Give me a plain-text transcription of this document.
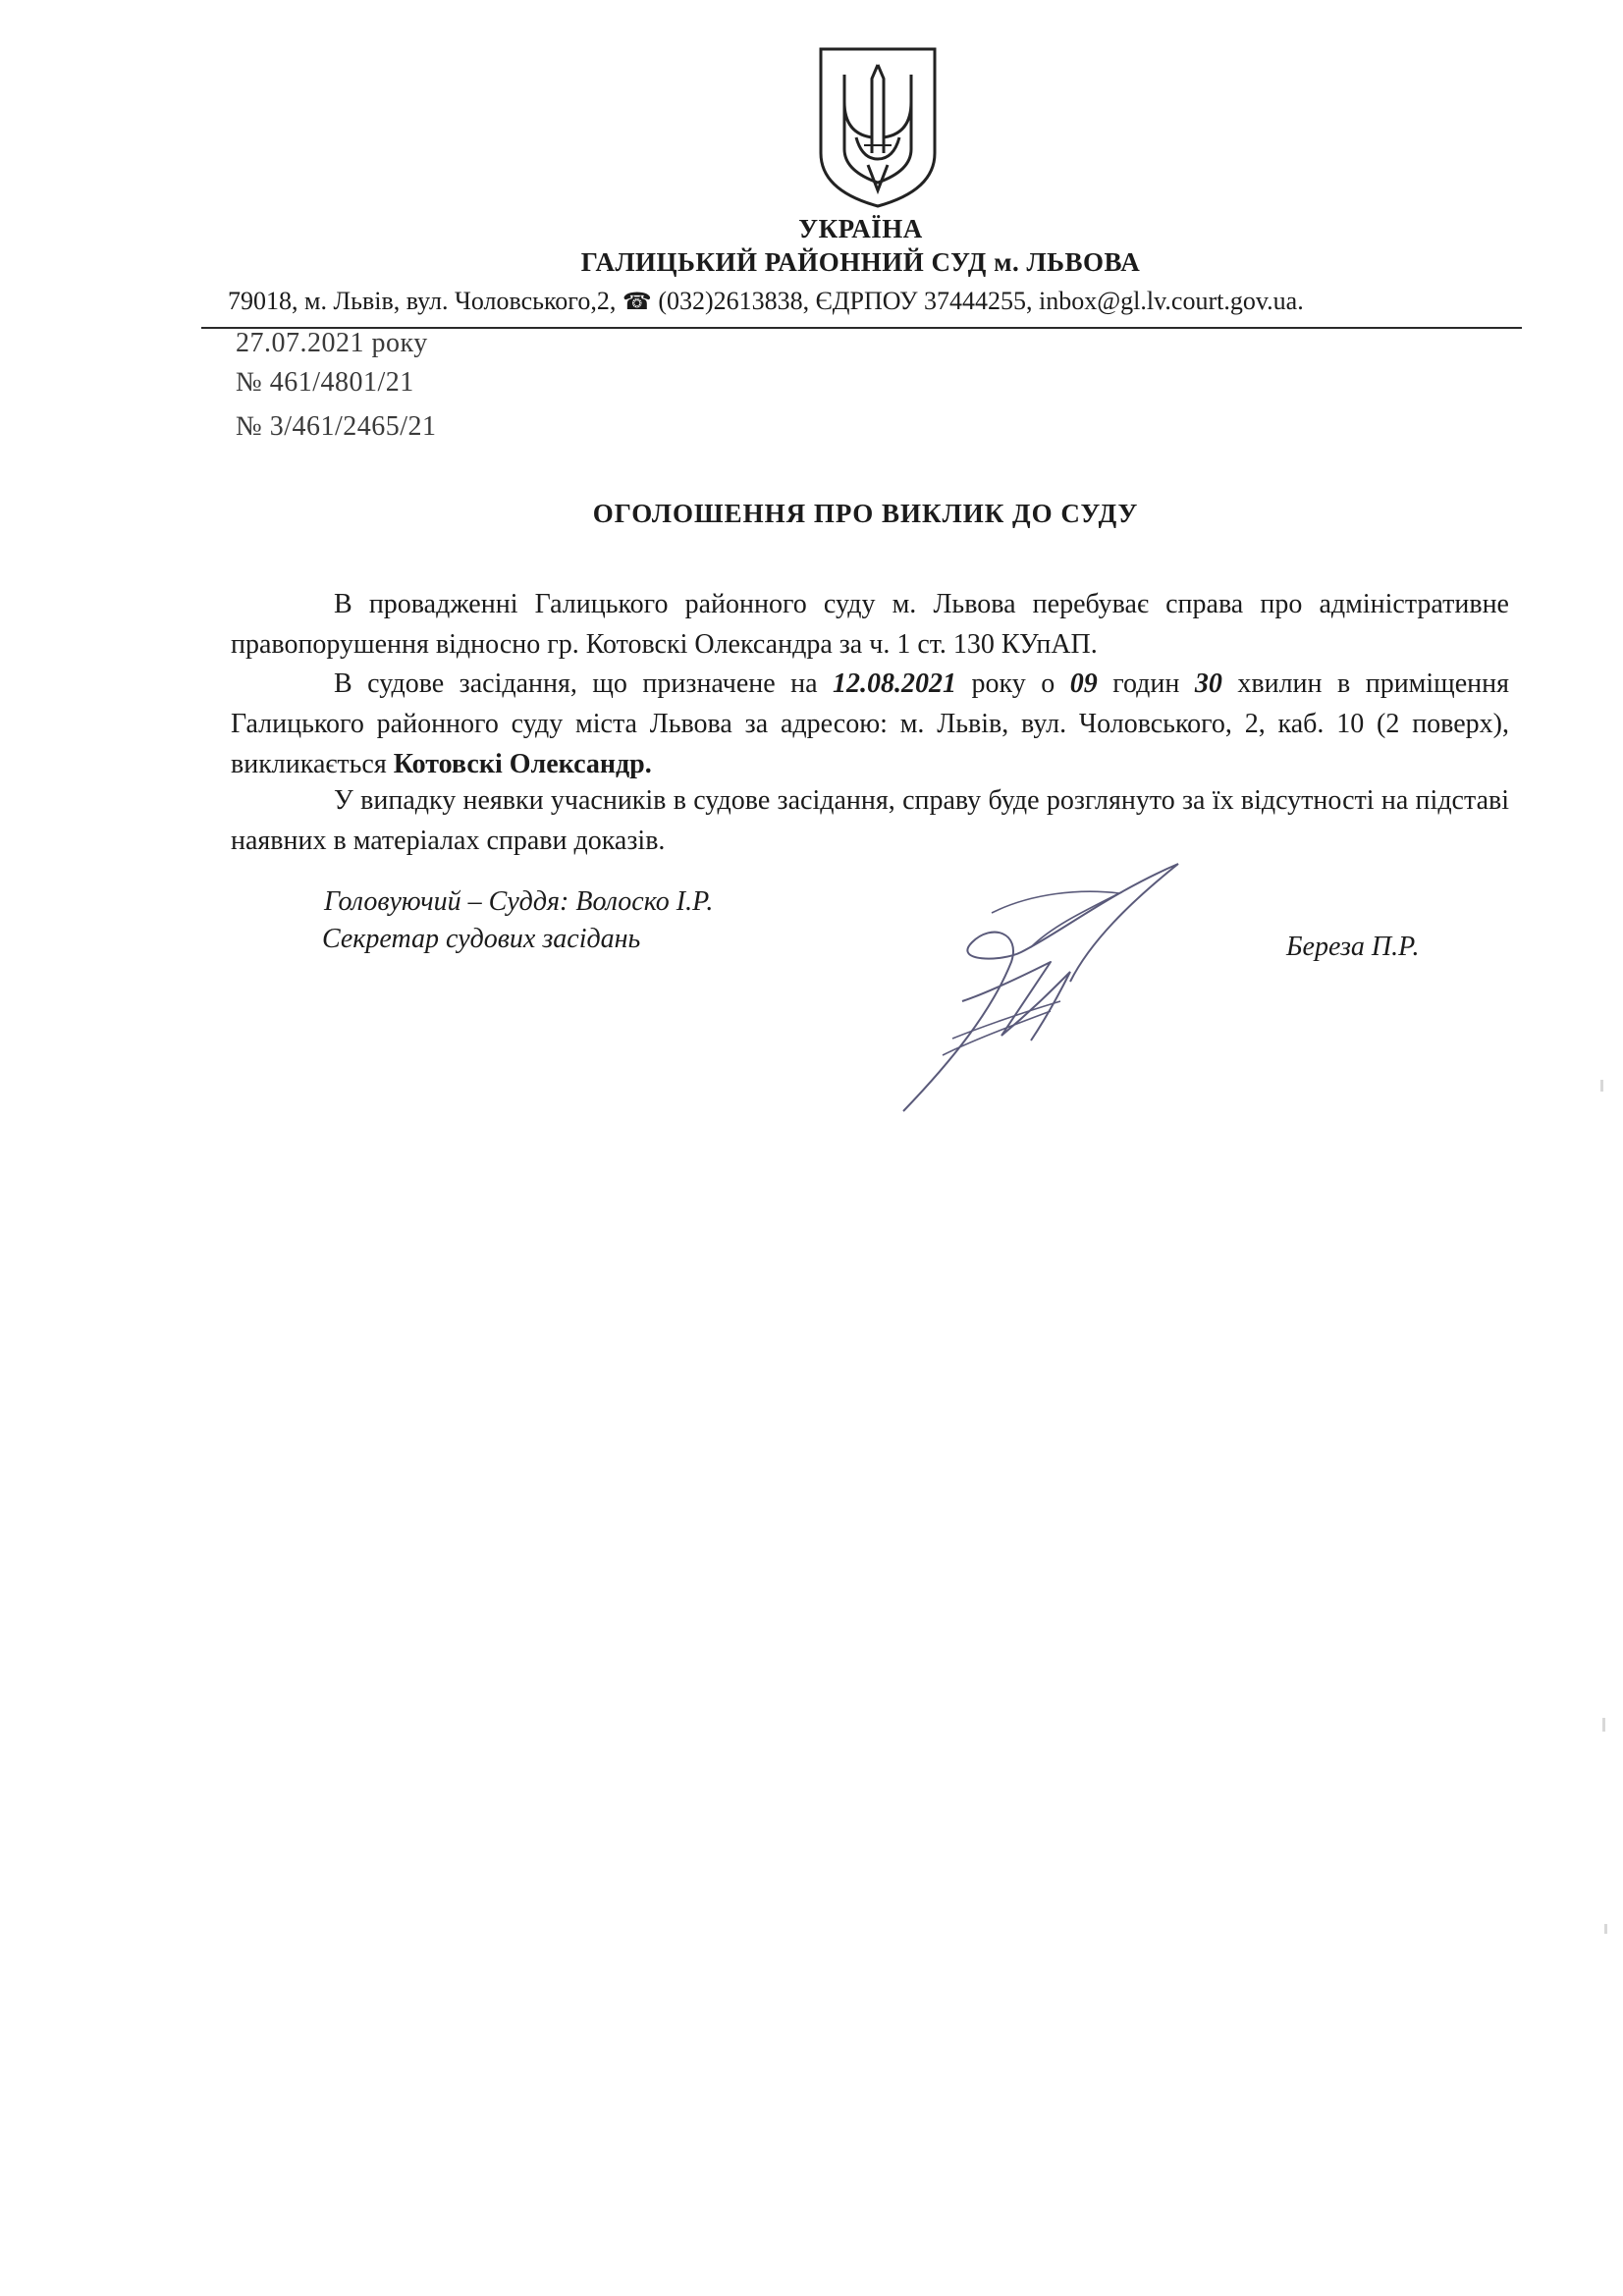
УКРАЇНА
ГАЛИЦЬКИЙ РАЙОННИЙ СУД м. ЛЬВОВА
79018, м. Львів, вул. Чоловського,2, ☎ (032)2613838, ЄДРПОУ 37444255, inbox@gl.lv.court.gov.ua.
27.07.2021 року
№ 461/4801/21
№ 3/461/2465/21
ОГОЛОШЕННЯ ПРО ВИКЛИК ДО СУДУ

В провадженні Галицького районного суду м. Львова перебуває справа про адміністративне правопорушення відносно гр. Котовскі Олександра за ч. 1 ст. 130 КУпАП.

В судове засідання, що призначене на 12.08.2021 року о 09 годин 30 хвилин в приміщення Галицького районного суду міста Львова за адресою: м. Львів, вул. Чоловського, 2, каб. 10 (2 поверх), викликається Котовскі Олександр.

У випадку неявки учасників в судове засідання, справу буде розглянуто за їх відсутності на підставі наявних в матеріалах справи доказів.

Головуючий – Суддя: Волоско І.Р.
Секретар судових засідань	Береза П.Р.
